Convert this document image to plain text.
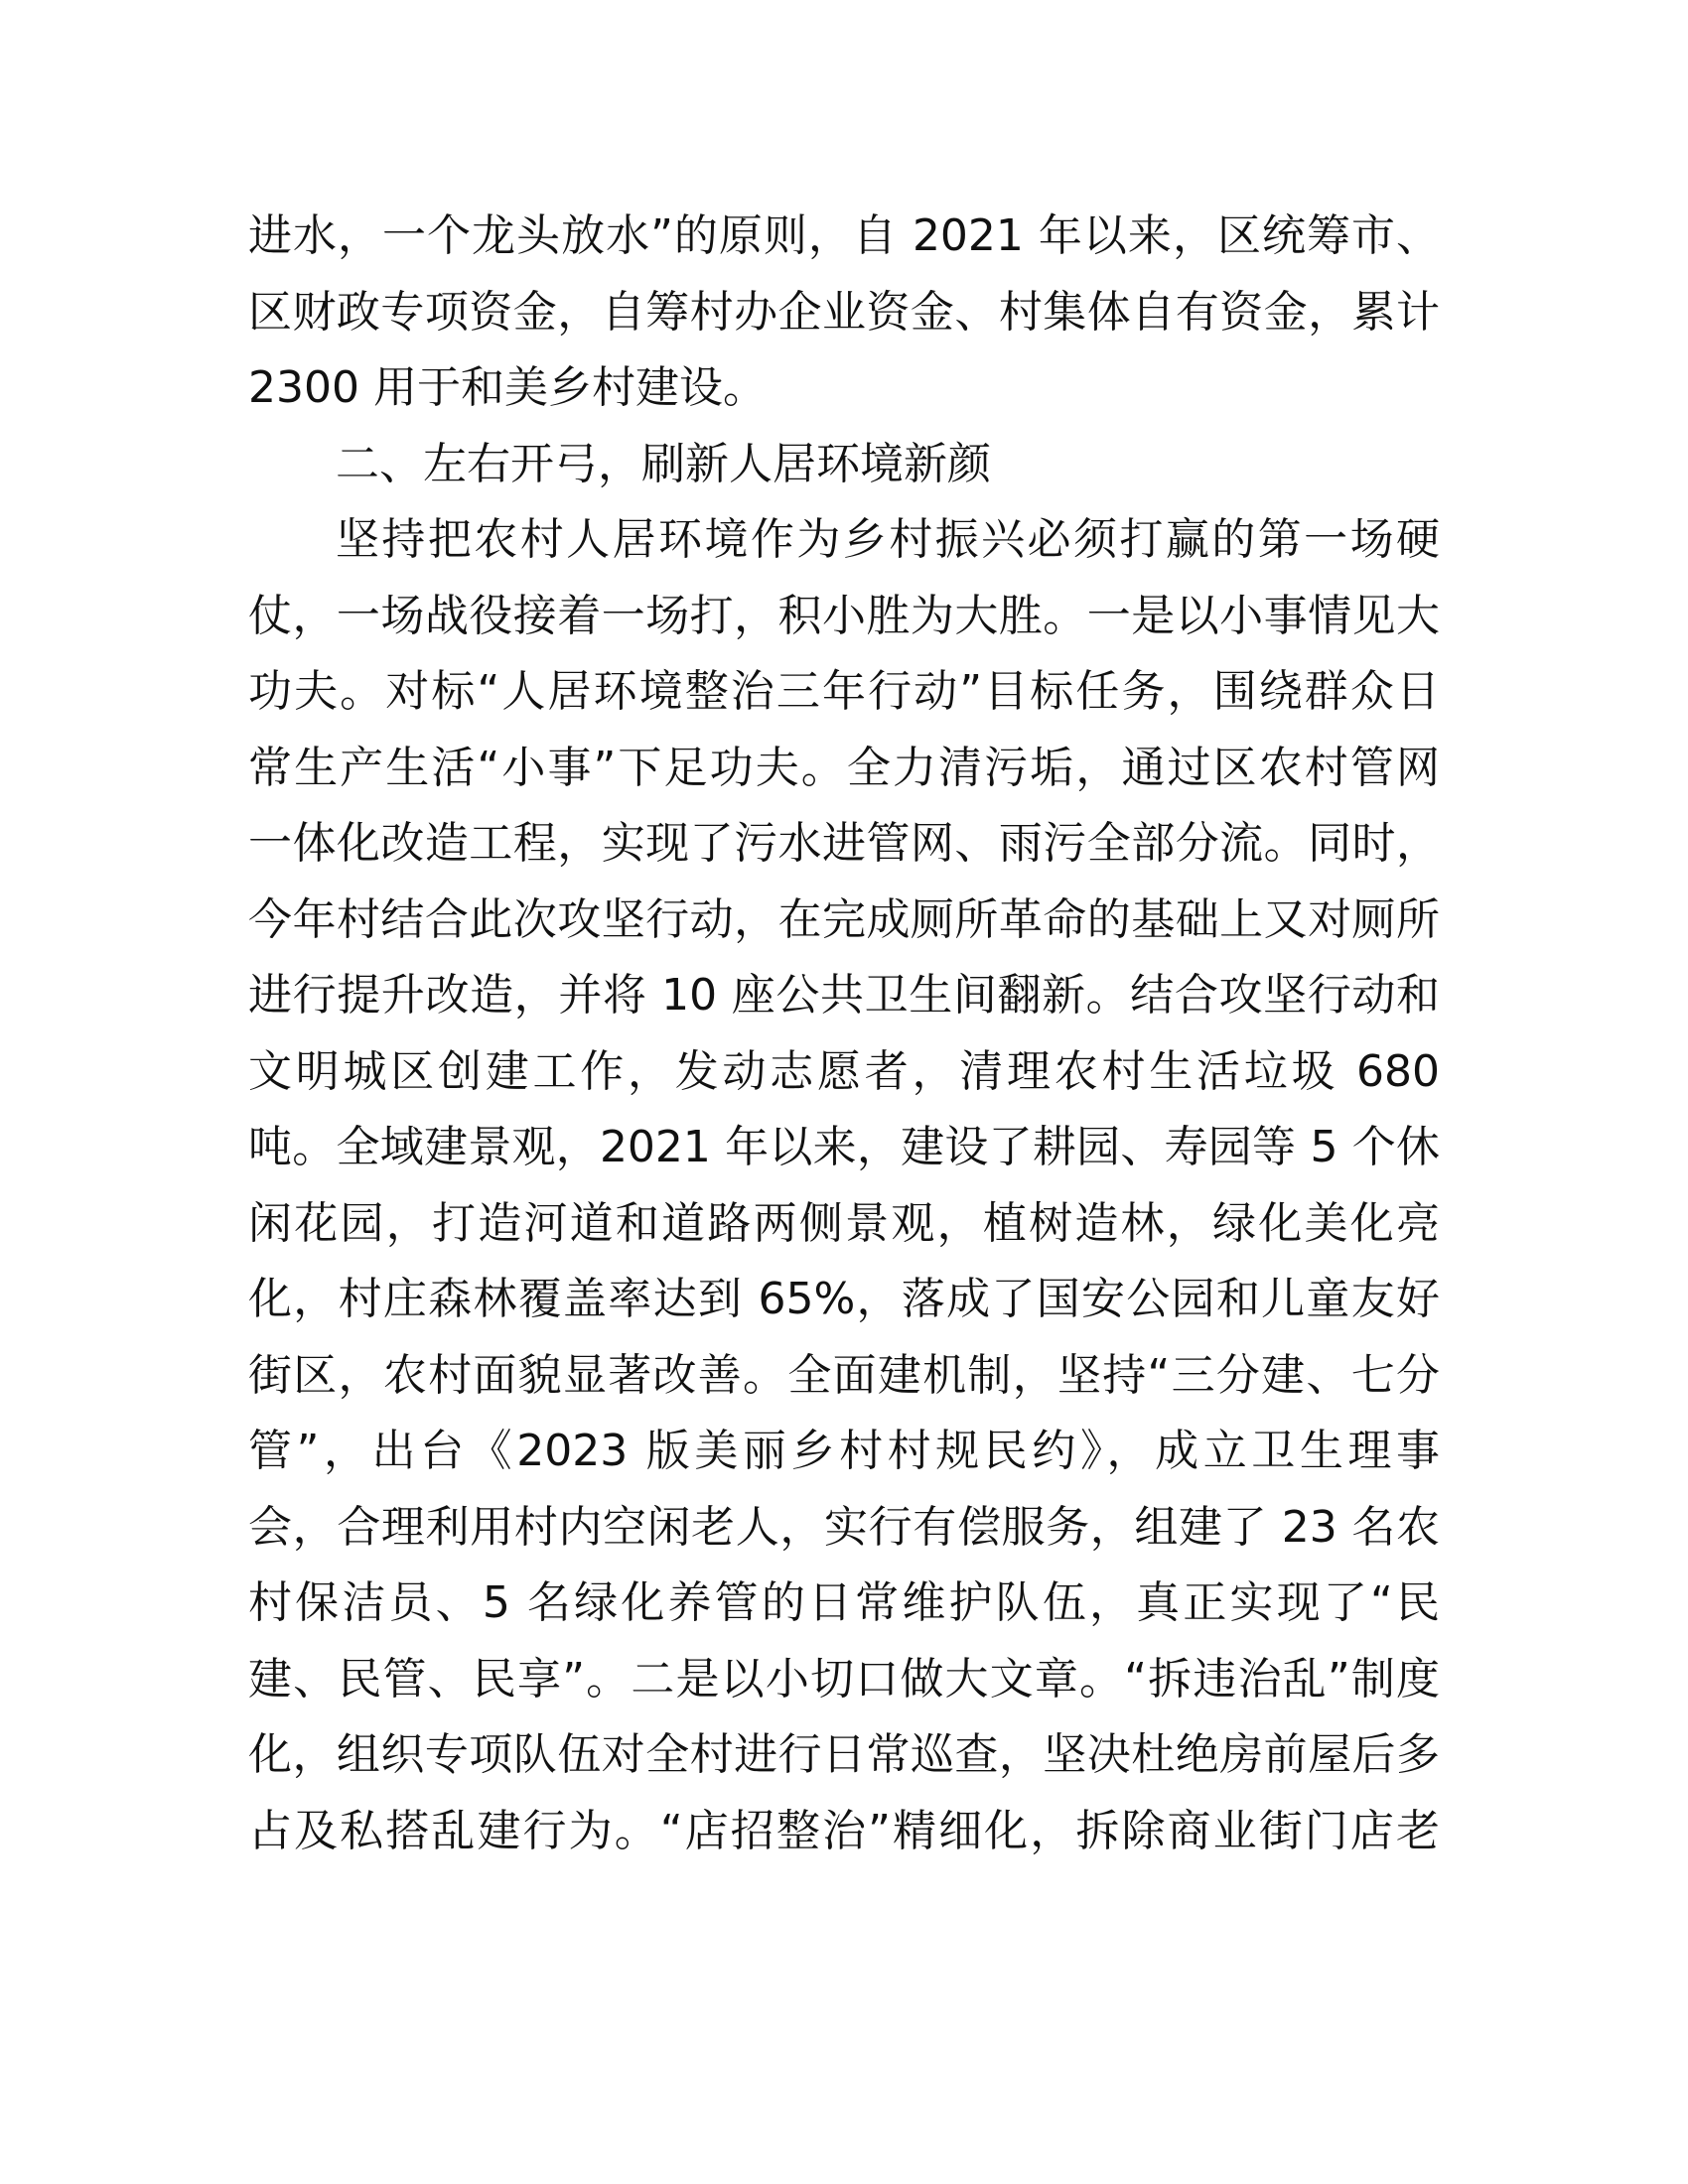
进水，一个龙头放水”的原则，自 2021 年以来，区统筹市、
区财政专项资金，自筹村办企业资金、村集体自有资金，累计
2300 用于和美乡村建设。
二、左右开弓，刷新人居环境新颜
坚持把农村人居环境作为乡村振兴必须打赢的第一场硬
仗，一场战役接着一场打，积小胜为大胜。一是以小事情见大
功夫。对标“人居环境整治三年行动”目标任务，围绕群众日
常生产生活“小事”下足功夫。全力清污垢，通过区农村管网
一体化改造工程，实现了污水进管网、雨污全部分流。同时，
今年村结合此次攻坚行动，在完成厕所革命的基础上又对厕所
进行提升改造，并将 10 座公共卫生间翻新。结合攻坚行动和
文明城区创建工作，发动志愿者，清理农村生活垃圾 680
吨。全域建景观，2021 年以来，建设了耕园、寿园等 5 个休
闲花园，打造河道和道路两侧景观，植树造林，绿化美化亮
化，村庄森林覆盖率达到 65%，落成了国安公园和儿童友好
街区，农村面貌显著改善。全面建机制，坚持“三分建、七分
管”，出台《2023 版美丽乡村村规民约》，成立卫生理事
会，合理利用村内空闲老人，实行有偿服务，组建了 23 名农
村保洁员、5 名绿化养管的日常维护队伍，真正实现了“民
建、民管、民享”。二是以小切口做大文章。“拆违治乱”制度
化，组织专项队伍对全村进行日常巡查，坚决杜绝房前屋后多
占及私搭乱建行为。“店招整治”精细化，拆除商业街门店老
